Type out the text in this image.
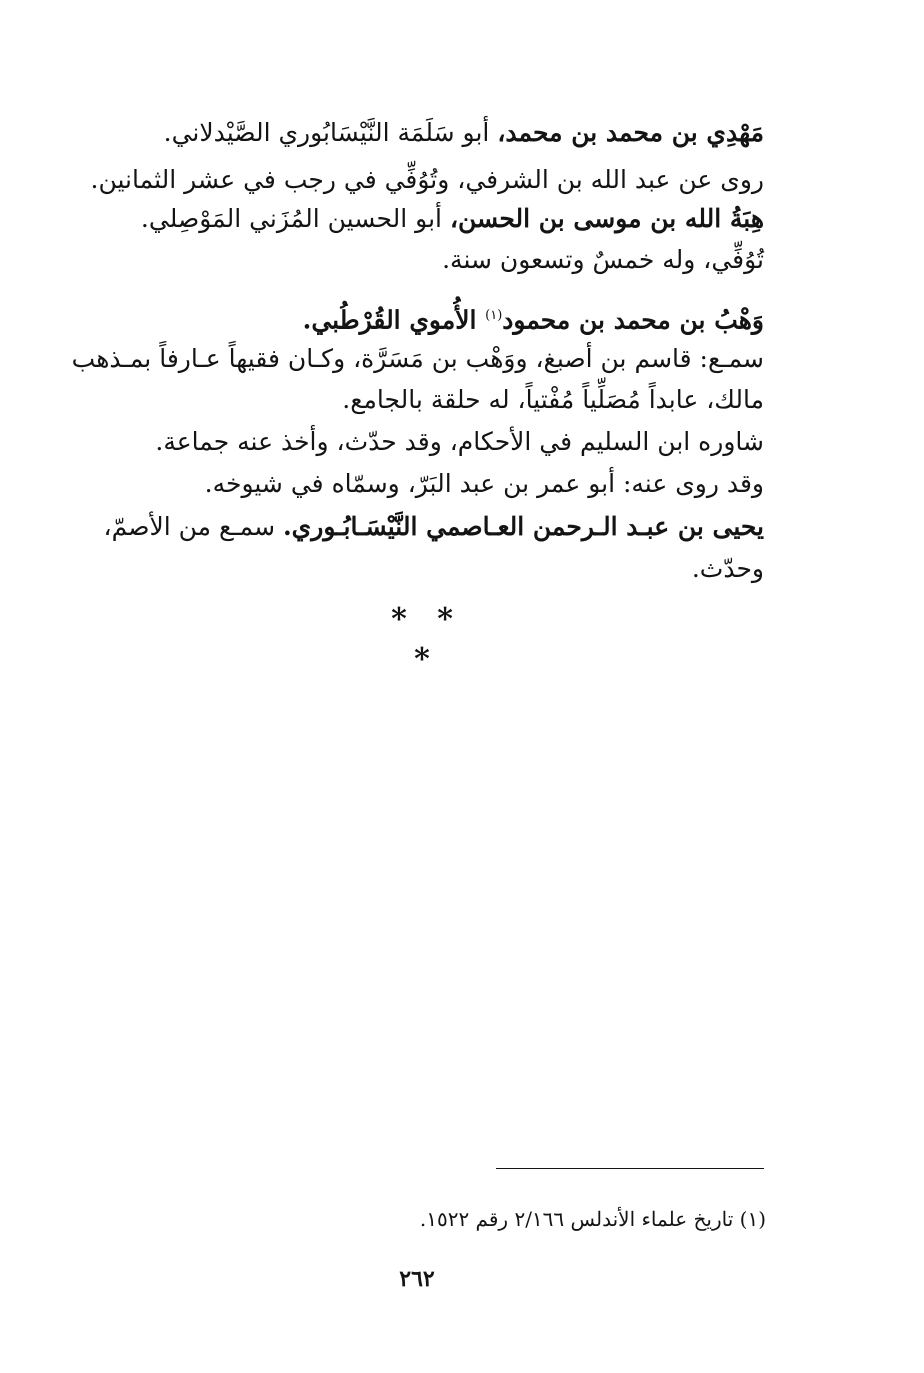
مَهْدِي بن محمد بن محمد، أبو سَلَمَة النَّيْسَابُوري الصَّيْدلاني.
روى عن عبد الله بن الشرفي، وتُوُفِّي في رجب في عشر الثمانين.
هِبَةُ الله بن موسى بن الحسن، أبو الحسين المُزَني المَوْصِلي.
تُوُفِّي، وله خمسٌ وتسعون سنة.
وَهْبُ بن محمد بن محمود$^{(١)}$ الأُموي القُرْطُبي.
سمـع: قاسم بن أصبغ، ووَهْب بن مَسَرَّة، وكـان فقيهاً عـارفاً بمـذهب
مالك، عابداً مُصَلِّياً مُفْتياً، له حلقة بالجامع.
شاوره ابن السليم في الأحكام، وقد حدّث، وأخذ عنه جماعة.
وقد روى عنه: أبو عمر بن عبد البَرّ، وسمّاه في شيوخه.
يحيى بن عبـد الـرحمن العـاصمي النَّيْسَـابُـوري. سمـع من الأصمّ،
وحدّث.
* * *
(١) تاريخ علماء الأندلس ٢/١٦٦ رقم ١٥٢٢.
٢٦٢
